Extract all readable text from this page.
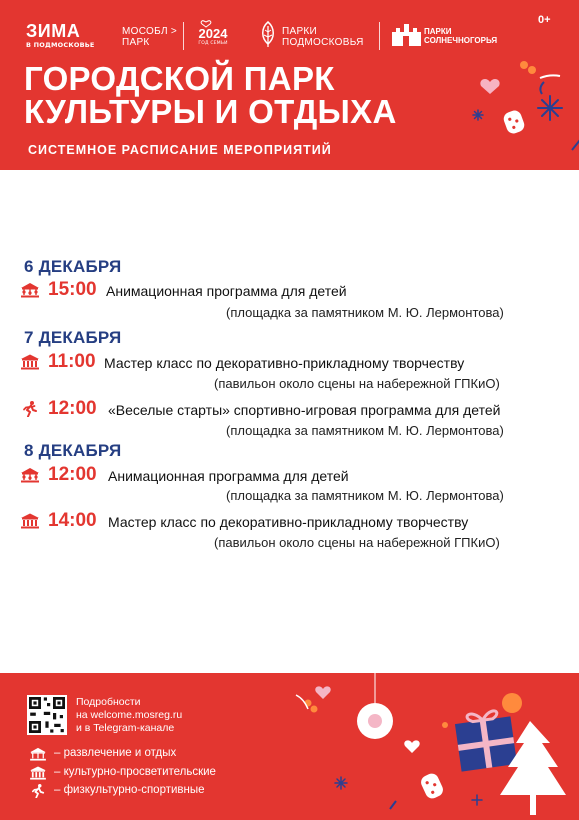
ЗИМА
В ПОДМОСКОВЬЕ
МОСОБЛ >
ПАРК
2024
ГОД СЕМЬИ
ПАРКИ
ПОДМОСКОВЬЯ
ПАРКИ
СОЛНЕЧНОГОРЬЯ
0+
ГОРОДСКОЙ ПАРК
КУЛЬТУРЫ И ОТДЫХА
СИСТЕМНОЕ РАСПИСАНИЕ МЕРОПРИЯТИЙ
6 ДЕКАБРЯ
15:00 Анимационная программа для детей
(площадка за памятником М. Ю. Лермонтова)
7 ДЕКАБРЯ
11:00 Мастер класс по декоративно-прикладному творчеству
(павильон около сцены на набережной ГПКиО)
12:00 «Веселые старты» спортивно-игровая программа для детей
(площадка за памятником М. Ю. Лермонтова)
8 ДЕКАБРЯ
12:00 Анимационная программа для детей
(площадка за памятником М. Ю. Лермонтова)
14:00 Мастер класс по декоративно-прикладному творчеству
(павильон около сцены на набережной ГПКиО)
Подробности
на welcome.mosreg.ru
и в Telegram-канале
– развлечение и отдых
– культурно-просветительские
– физкультурно-спортивные
